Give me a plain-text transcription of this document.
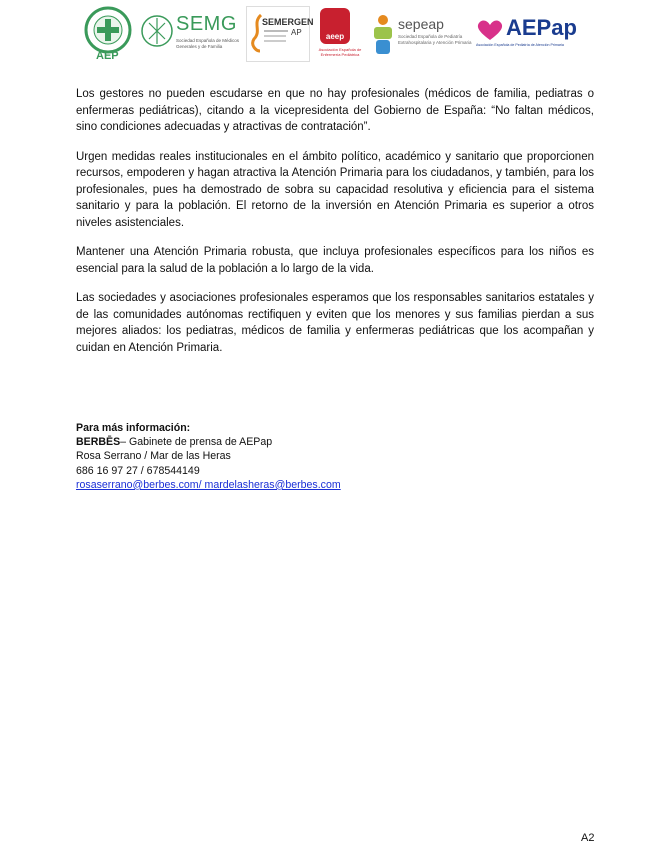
AEP
SEMG
Sociedad Española de Médicos Generales y de Familia
SEMERGEN
AP	aeep
Asociación Española de Enfermería Pediátrica
sepeap
Sociedad Española de Pediatría Extrahospitalaria y Atención Primaria
AEPap
Asociación Española de Pediatría de Atención Primaria

Los gestores no pueden escudarse en que no hay profesionales (médicos de familia, pediatras o enfermeras pediátricas), citando a la vicepresidenta del Gobierno de España: “No faltan médicos, sino condiciones adecuadas y atractivas de contratación”.

Urgen medidas reales institucionales en el ámbito político, académico y sanitario que proporcionen recursos, empoderen y hagan atractiva la Atención Primaria para los ciudadanos, y también, para los profesionales, pues ha demostrado de sobra su capacidad resolutiva y eficiencia para el sistema sanitario y para la población. El retorno de la inversión en Atención Primaria es superior a otros niveles asistenciales.

Mantener una Atención Primaria robusta, que incluya profesionales específicos para los niños es esencial para la salud de la población a lo largo de la vida.

Las sociedades y asociaciones profesionales esperamos que los responsables sanitarios estatales y de las comunidades autónomas rectifiquen y eviten que los menores y sus familias pierdan a sus mejores aliados: los pediatras, médicos de familia y enfermeras pediátricas que los acompañan y cuidan en Atención Primaria.

Para más información:
BERBĒS– Gabinete de prensa de AEPap
Rosa Serrano / Mar de las Heras
686 16 97 27 / 678544149
rosaserrano@berbes.com/ mardelasheras@berbes.com
A2
